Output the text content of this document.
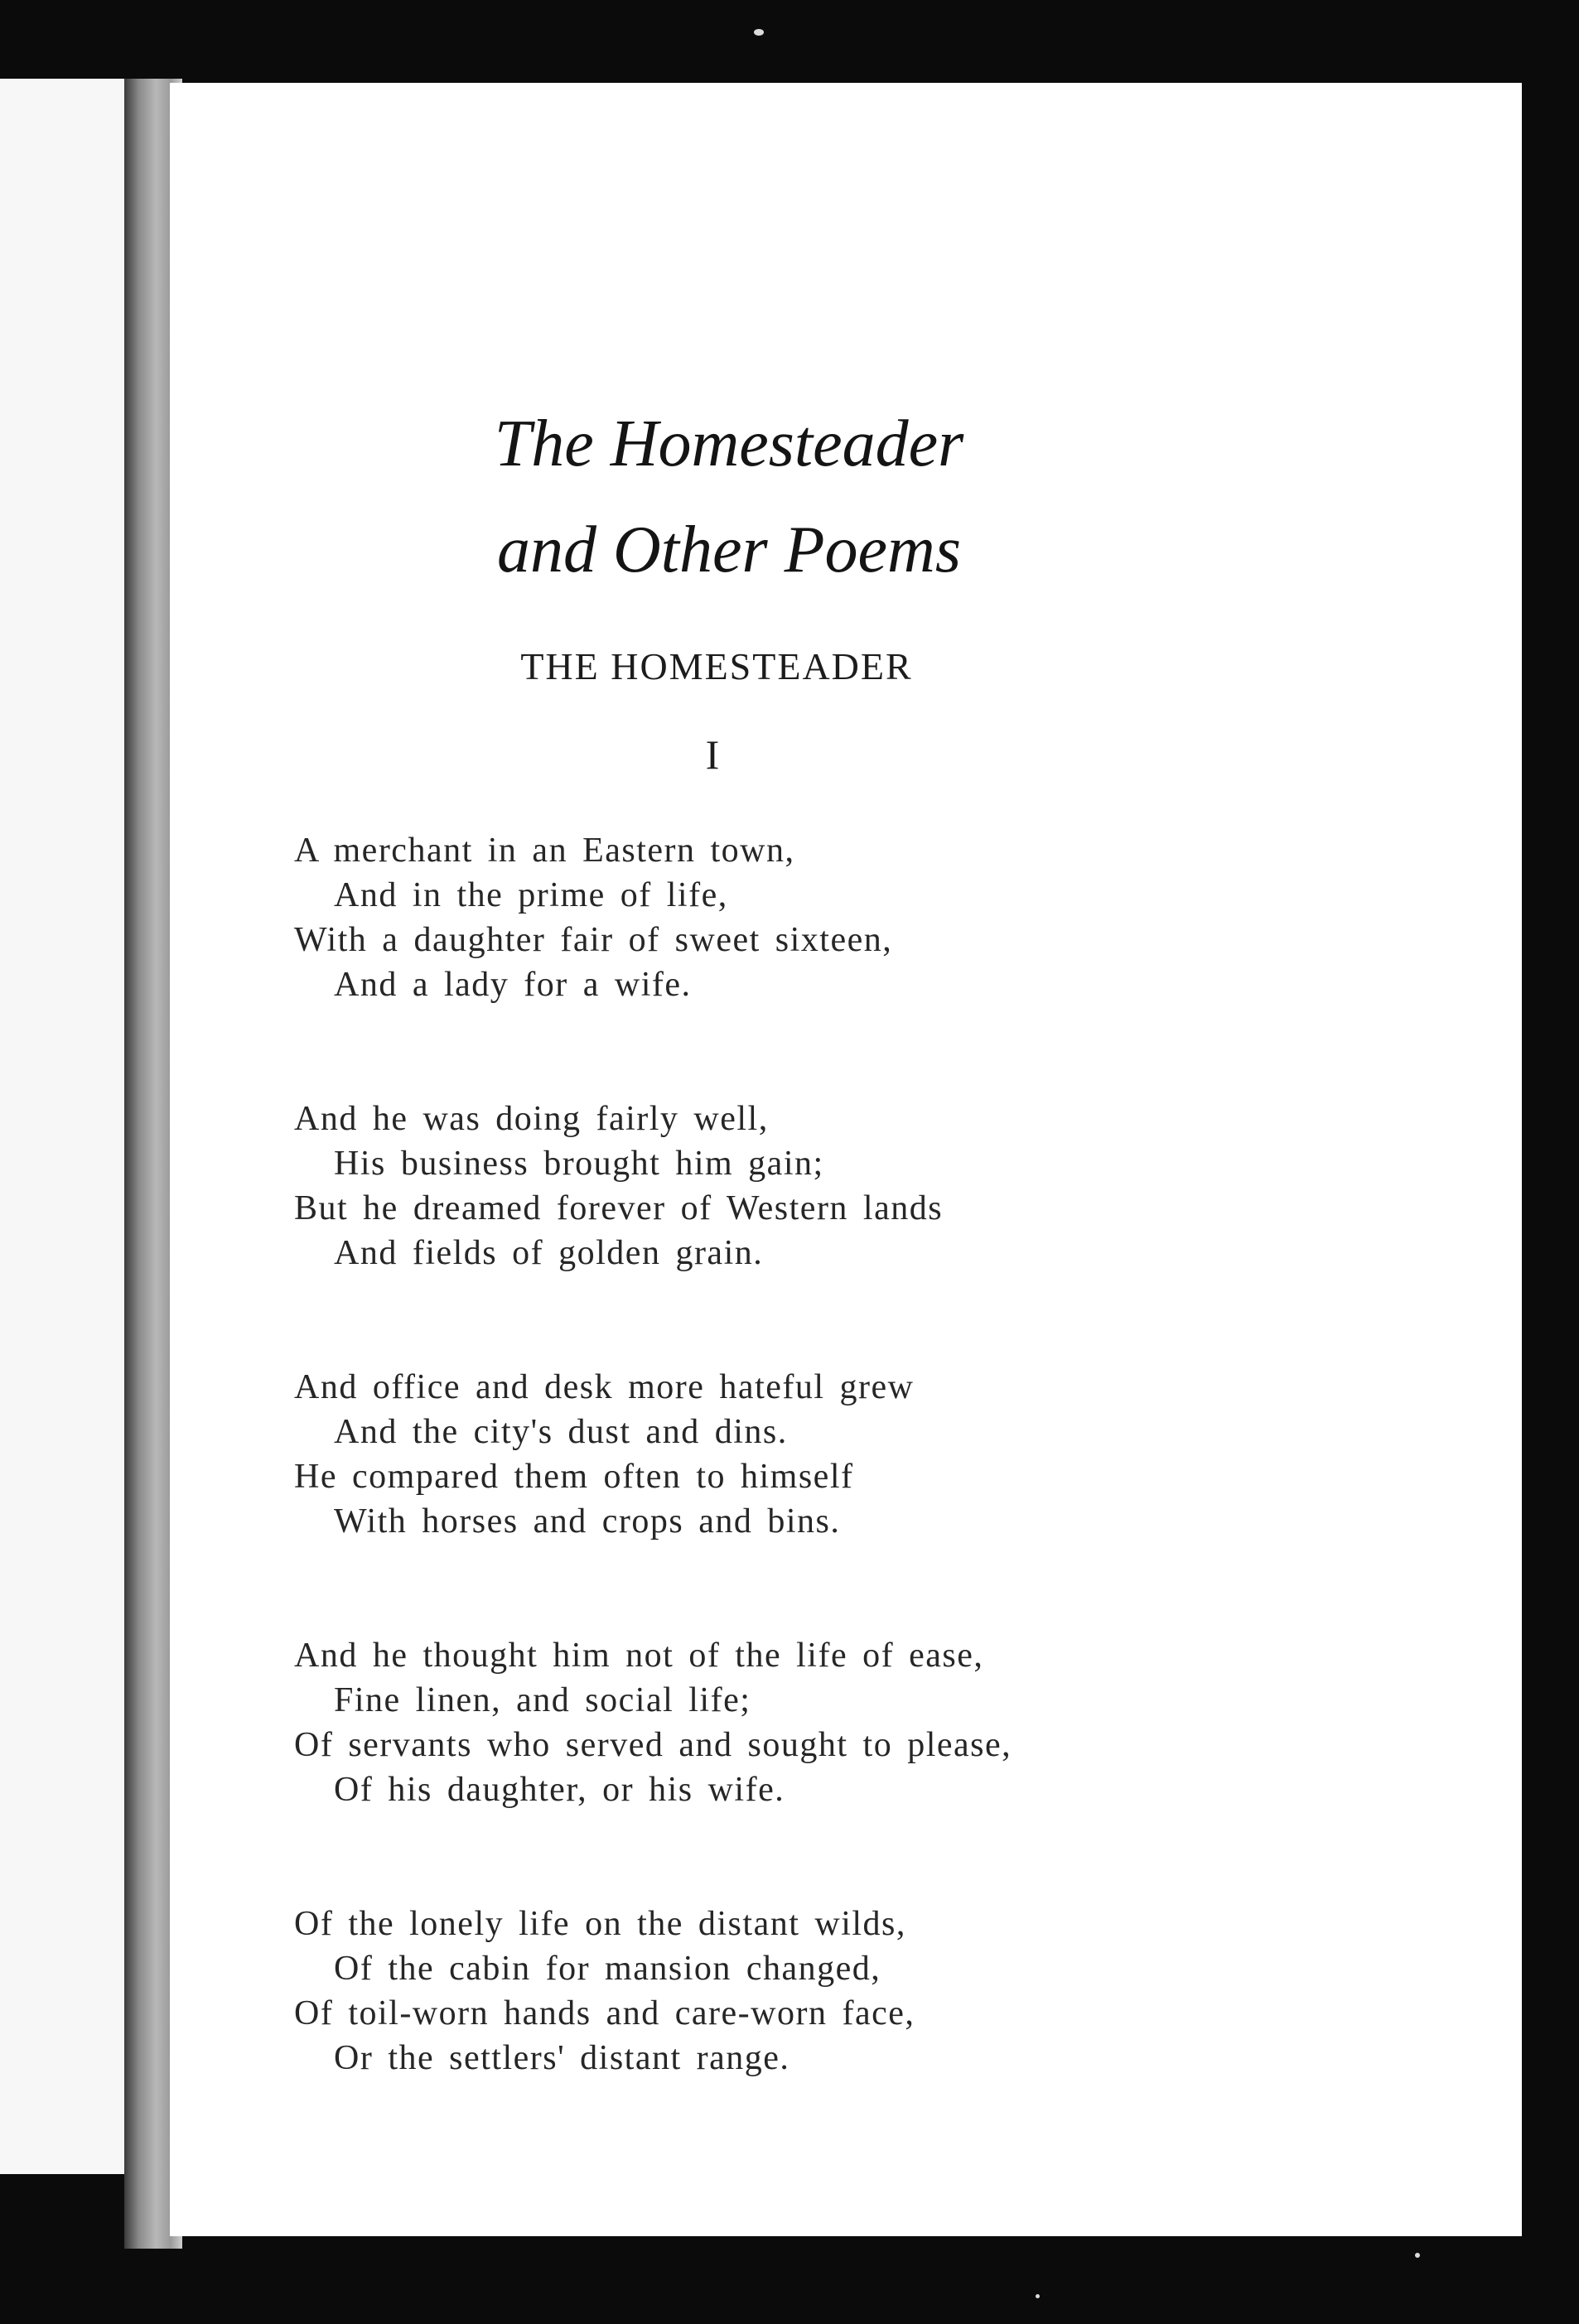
The Homesteader
and Other Poems
THE HOMESTEADER
I
A merchant in an Eastern town,
And in the prime of life,
With a daughter fair of sweet sixteen,
And a lady for a wife.
And he was doing fairly well,
His business brought him gain;
But he dreamed forever of Western lands
And fields of golden grain.
And office and desk more hateful grew
And the city's dust and dins.
He compared them often to himself
With horses and crops and bins.
And he thought him not of the life of ease,
Fine linen, and social life;
Of servants who served and sought to please,
Of his daughter, or his wife.
Of the lonely life on the distant wilds,
Of the cabin for mansion changed,
Of toil-worn hands and care-worn face,
Or the settlers' distant range.
